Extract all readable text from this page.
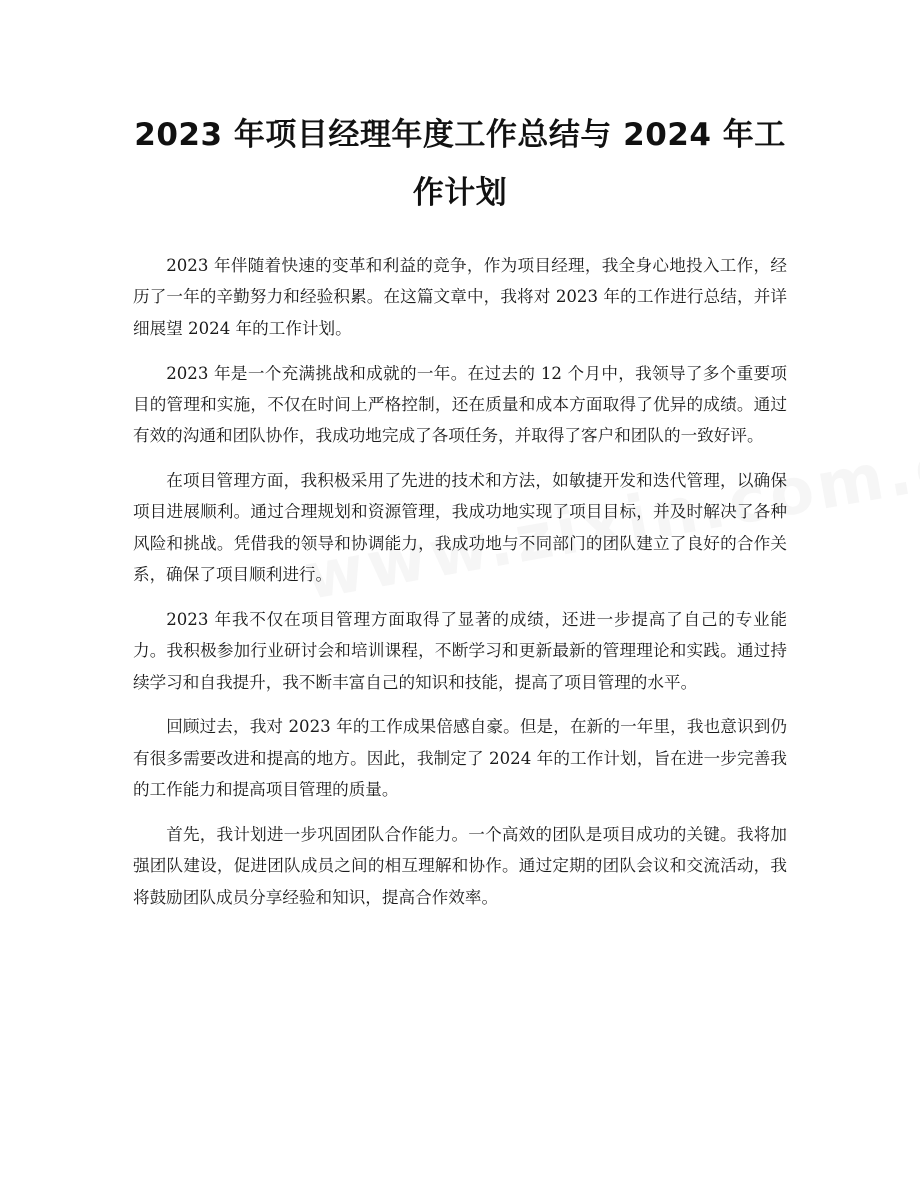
2023 年项目经理年度工作总结与 2024 年工作计划

2023 年伴随着快速的变革和利益的竞争，作为项目经理，我全身心地投入工作，经历了一年的辛勤努力和经验积累。在这篇文章中，我将对 2023 年的工作进行总结，并详细展望 2024 年的工作计划。

2023 年是一个充满挑战和成就的一年。在过去的 12 个月中，我领导了多个重要项目的管理和实施，不仅在时间上严格控制，还在质量和成本方面取得了优异的成绩。通过有效的沟通和团队协作，我成功地完成了各项任务，并取得了客户和团队的一致好评。

在项目管理方面，我积极采用了先进的技术和方法，如敏捷开发和迭代管理，以确保项目进展顺利。通过合理规划和资源管理，我成功地实现了项目目标，并及时解决了各种风险和挑战。凭借我的领导和协调能力，我成功地与不同部门的团队建立了良好的合作关系，确保了项目顺利进行。

2023 年我不仅在项目管理方面取得了显著的成绩，还进一步提高了自己的专业能力。我积极参加行业研讨会和培训课程，不断学习和更新最新的管理理论和实践。通过持续学习和自我提升，我不断丰富自己的知识和技能，提高了项目管理的水平。

回顾过去，我对 2023 年的工作成果倍感自豪。但是，在新的一年里，我也意识到仍有很多需要改进和提高的地方。因此，我制定了 2024 年的工作计划，旨在进一步完善我的工作能力和提高项目管理的质量。

首先，我计划进一步巩固团队合作能力。一个高效的团队是项目成功的关键。我将加强团队建设，促进团队成员之间的相互理解和协作。通过定期的团队会议和交流活动，我将鼓励团队成员分享经验和知识，提高合作效率。
